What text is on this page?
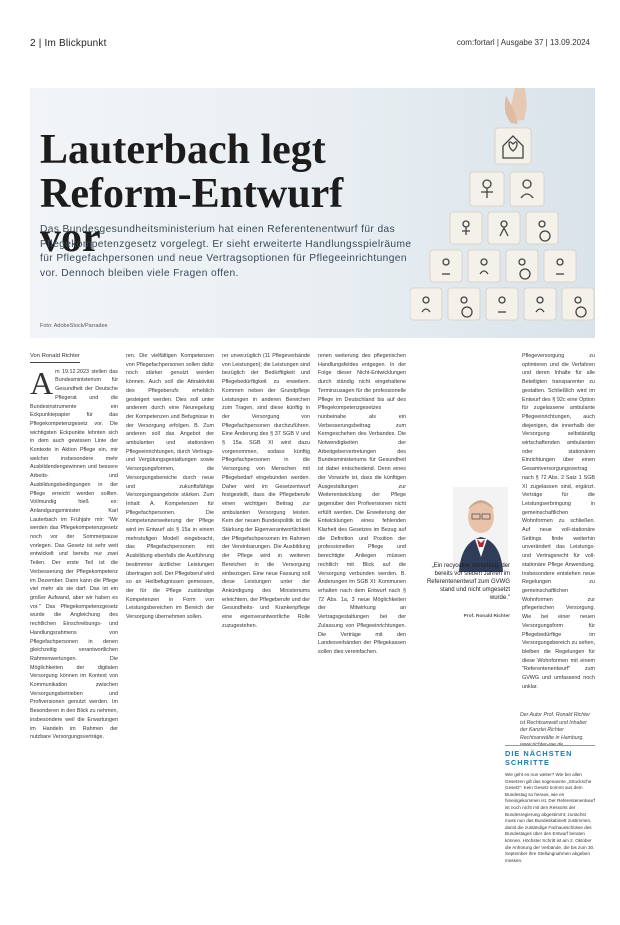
2 | Im Blickpunkt	com:fortarl | Ausgabe 37 | 13.09.2024
Lauterbach legt
Reform-Entwurf vor
Das Bundesgesundheitsministerium hat einen Referentenentwurf für das Pflegekompetenzgesetz vorgelegt. Er sieht erweiterte Handlungsspielräume für Pflegefachpersonen und neue Vertragsoptionen für Pflegeeinrichtungen vor. Dennoch bleiben viele Fragen offen.
Foto: AdobeStock/Parradee
Von Ronald Richter
Am 19.12.2023 stellen das Bundesministerium für Gesundheit der Deutsche Pflegerat und die Bundesinstrumente ein Eckpunktepapier für das Pflegekompetenzgesetz vor. Die wichtigsten Eckpunkte lehnten sich in dem auch gewissen Linie der Kontexte in Aktion Pflege ein, mir welcher insbesondere mehr Ausbildendengewinnen und bessere Arbeits- und Ausbildungsbedingungen in der Pflege erreicht werden sollten. Vollmundig hieß es: Anlandgungsminister Karl Lauterbach im Frühjahr mir: "Wir werden das Pflegekompetenzgesetz noch vor der Sommerpause vorlegen. Das Gesetz ist sehr weit entwickelt und bereits nur zwei Teilen. Der erste Teil ist die Verbesserung der Pflegekompetenz im Dezember. Dann kann die Pflege viel mehr als sie darf. Das ist ein großer Aufwand, aber wir haben es vor." Das Pflegekompetenzgesetz wurde die Angleichung des rechtlichen Einschreibungs- und Handlungsrahmens von Pflegefachpersonen in denen gleichzeitig verantwortlichen Rahmenwertungen. Die Möglichkeiten der digitalen Versorgung können im Kontext von Kommunikation zwischen Versorgungsbetrieben und Profiversionen genutzt werden. Im Besonderen in den Blick zu nehmen, insbesondere weil die Erwartungen im Handeln im Rahmen der nutzbare Versorgungsverträge.
ren. Die vielfältigen Kompetenzen von Pflegefachpersonen sollen dafür noch stärker genutzt werden können. Auch soll die Attraktivität des Pflegeberufs erheblich gesteigert werden. Dies soll unter anderem durch eine Neuregelung der Kompetenzen und Befugnisse in der Versorgung erfolgen. B. Zum anderen soll das Angebot der ambulanten und stationären Pflegeeinrichtungen, durch Vertrags- und Vergütungsgestaltungen sowie Versorgungsformen, die Versorgungsbereiche durch neue und zukunftsfähige Versorgungsangebote stärken. Zum Inhalt: A. Kompetenzen für Pflegefachpersonen. Die Kompetenzerweiterung der Pflege wird im Entwurf als § 15a in einem mehrstufigen Modell eingebracht, das Pflegefachpersonen mit Ausbildung ebenfalls die Ausführung bestimmter ärztlicher Leistungen übertragen soll. Der Pflegeberuf wird so an Heilbefugnissen gemessen, der für die Pflege zuständige Kompetenzen in Form von Leistungsbereichen im Bereich der Versorgung übernehmen sollen.
rer unverzüglich (11 Pflegeverbände von Leistungen); die Leistungen sind bezüglich der Bedürftigkeit und Pflegebedürftigkeit zu erweitern. Kommen neben der Grundpflege Leistungen in anderen Bereichen zum Tragen, sind diese künftig in der Versorgung von Pflegefachpersonen durchzuführen. Eine Änderung des § 37 SGB V und § 15a SGB XI wird dazu vorgenommen, sodass künftig Pflegefachpersonen in die Versorgung von Menschen mit Pflegebedarf eingebunden werden. Daher wird im Gesetzentwurf festgestellt, dass die Pflegeberufe einen wichtigen Beitrag zur ambulanten Versorgung leisten. Kern der neuen Bundespolitik ist die Stärkung der Eigenverantwortlichkeit der Pflegefachpersonen im Rahmen der Vereinbarungen. Die Ausbildung der Pflege wird in weiteren Bereichen in die Versorgung einbezogen. Eine neue Fassung soll diese Leistungen unter der Ankündigung des Ministeriums erleichtern, der Pflegeberufe und der Gesundheits- und Krankenpflege eine eigenverantwortliche Rolle zuzugestehen.
renen weiterung des pflegerischen Handlungsfeldes entgegen. In der Folge dieser Nicht-Entwicklungen durch ständig nicht eingehaltene Terminzusagen für die professionelle Pflege im Deutschland bis auf des Pflegekompetenzgesetzes nunbeinahe als ein Verbesserungsbeitrag zum Kerngeschehen des Verbandes. Die Notwendigkeiten der Arbeitgebervertretungen des Bundesministeriums für Gesundheit ist dabei entscheidend. Denn eines der Vorwürfe ist, dass die künftigen Ausgestaltungen zur Weiterentwicklung der Pflege gegenüber den Profiversionen nicht erfüllt werden. Die Erweiterung der Entwicklungen eines fehlenden Klarheit des Gesetzes im Bezug auf die Definition und Position der professionellen Pflege und berechtigte Anliegen müssen rechtlich mit Blick auf die Versorgung verbunden werden. B. Änderungen im SGB XI: Kommunen erhalten nach dem Entwurf nach § 72 Abs. 1a, 3 neue Möglichkeiten der Mitwirkung an Vertragsgestaltungen bei der Zulassung von Pflegeeinrichtungen. Die Verträge mit den Landesverbänden der Pflegekassen sollen dies vereinfachen.
„Ein recycelter Vorschlag, der bereits vor sieben Jahren im Referentenentwurf zum GVWG stand und nicht umgesetzt wurde."
Prof. Ronald Richter
Pflegeversorgung zu optimieren und die Verfahren und deren Inhalte für alle Beteiligten transparenter zu gestalten. Schließlich wird im Entwurf des § 92c eine Option für zugelassene ambulante Pflegeeinrichtungen, auch diejenigen, die innerhalb der Versorgung selbständig wirtschaftenden ambulanten oder stationären Einrichtungen über einen Gesamtversorgungsvertrag nach § 72 Abs. 2 Satz 1 SGB XI zugelassen sind, ergänzt. Verträge für die Leistungserbringung in gemeinschaftlichen Wohnformen zu schließen. Auf neue voll-stationäre Settings finde weiterhin unverändert das Leistungs- und Vertragsrecht für voll-stationäre Pflege Anwendung. Insbesondere entstehen neue Regelungen zu gemeinschaftlichen Wohnformen zur pflegerischen Versorgung. Wie bei einer neuen Versorgungsform für Pflegebedürftige im Versorgungsbereich zu sehen, bleiben die Regelungen für diese Wohnformen mit einem "Referentenentwurf" zum GVWG und umfassend noch unklar.
Der Autor Prof. Ronald Richter ist Rechtsanwalt und Inhaber der Kanzlei Richter Rechtsanwälte in Hamburg. www.richter-rae.de
DIE NÄCHSTEN SCHRITTE
Wie geht es nun weiter? Wie bei allen Gesetzen gilt das sogenannte „Strucksche Gesetz“: Kein Gesetz kommt aus dem Bundestag so heraus, wie es hineingekommen ist. Der Referentenentwurf ist noch nicht mit den Ressorts der Bundesregierung abgestimmt; zunächst muss nun das Bundeskabinett zustimmen, damit die zuständige Fachausschüsse des Bundestages über den Entwurf beraten können. Höchster Schritt ist am 2. Oktober die Anhörung der Verbände, die bis zum 30. September ihre Stellungnahmen abgeben müssen.
